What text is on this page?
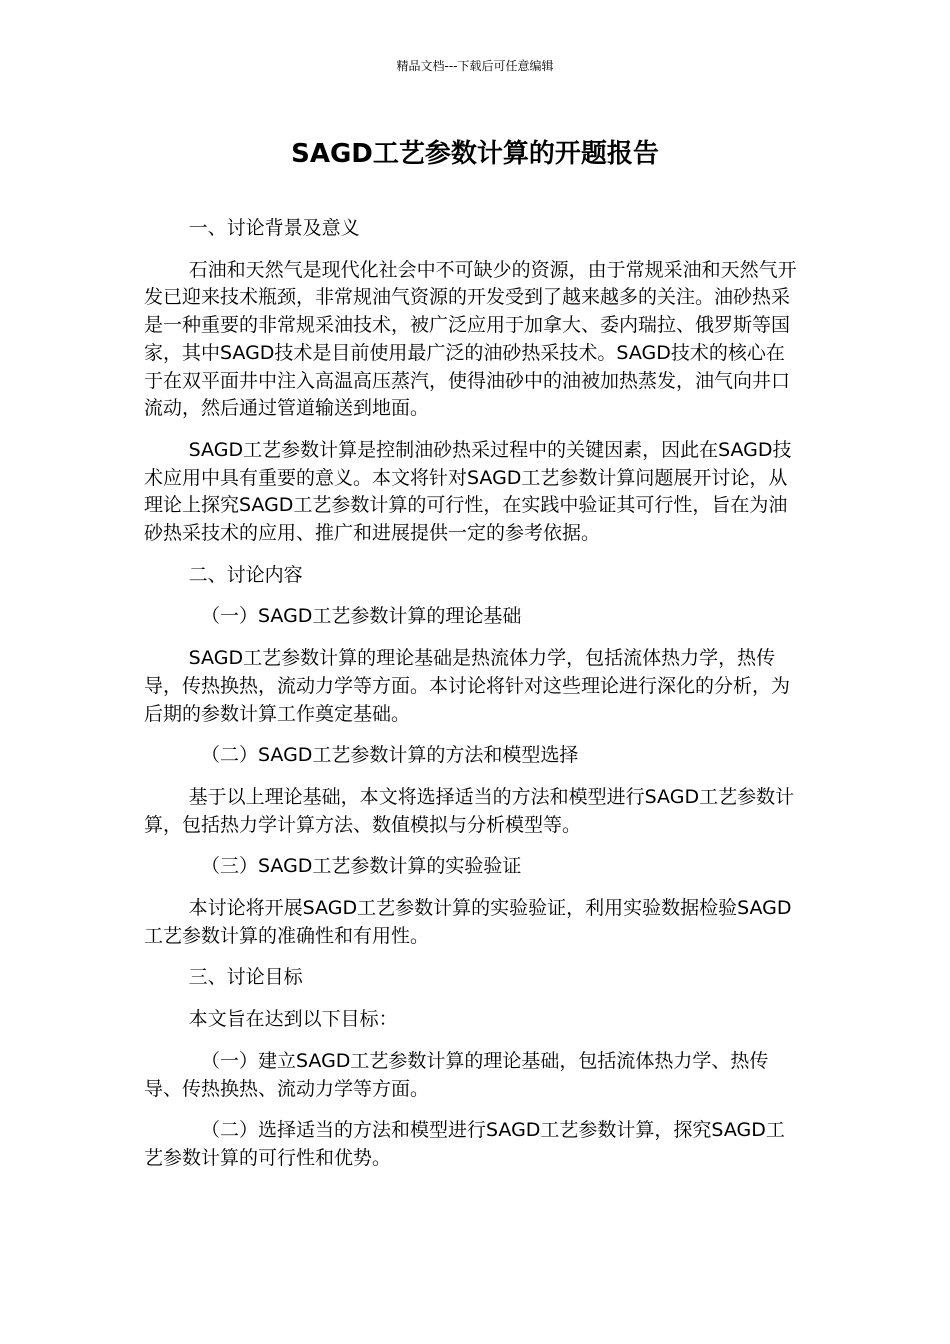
精品文档---下载后可任意编辑
SAGD工艺参数计算的开题报告

一、讨论背景及意义

石油和天然气是现代化社会中不可缺少的资源，由于常规采油和天然气开发已迎来技术瓶颈，非常规油气资源的开发受到了越来越多的关注。油砂热采是一种重要的非常规采油技术，被广泛应用于加拿大、委内瑞拉、俄罗斯等国家，其中SAGD技术是目前使用最广泛的油砂热采技术。SAGD技术的核心在于在双平面井中注入高温高压蒸汽，使得油砂中的油被加热蒸发，油气向井口流动，然后通过管道输送到地面。

SAGD工艺参数计算是控制油砂热采过程中的关键因素，因此在SAGD技术应用中具有重要的意义。本文将针对SAGD工艺参数计算问题展开讨论，从理论上探究SAGD工艺参数计算的可行性，在实践中验证其可行性，旨在为油砂热采技术的应用、推广和进展提供一定的参考依据。

二、讨论内容

（一）SAGD工艺参数计算的理论基础

SAGD工艺参数计算的理论基础是热流体力学，包括流体热力学，热传导，传热换热，流动力学等方面。本讨论将针对这些理论进行深化的分析，为后期的参数计算工作奠定基础。

（二）SAGD工艺参数计算的方法和模型选择

基于以上理论基础，本文将选择适当的方法和模型进行SAGD工艺参数计算，包括热力学计算方法、数值模拟与分析模型等。

（三）SAGD工艺参数计算的实验验证

本讨论将开展SAGD工艺参数计算的实验验证，利用实验数据检验SAGD工艺参数计算的准确性和有用性。

三、讨论目标

本文旨在达到以下目标：

（一）建立SAGD工艺参数计算的理论基础，包括流体热力学、热传导、传热换热、流动力学等方面。

（二）选择适当的方法和模型进行SAGD工艺参数计算，探究SAGD工艺参数计算的可行性和优势。
